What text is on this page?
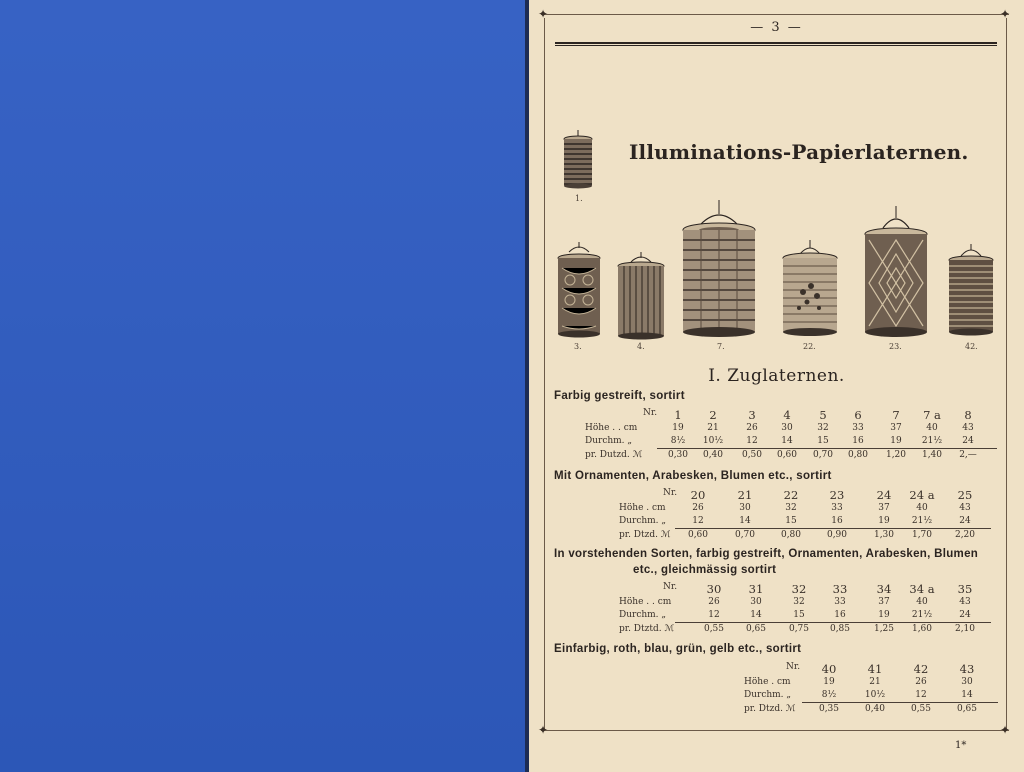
✦	✦
✦	✦
— 3 —
Illuminations-Papierlaternen.
1.
3.	4.	7.	22.	23.	42.
I. Zuglaternen.
Farbig gestreift, sortirt
Nr.	1	2	3	4	5	6	7	7 a	8
Höhe . . cm	19	21	26	30	32	33	37	40	43
Durchm. „	8½	10½	12	14	15	16	19	21½	24
pr. Dutzd. ℳ	0,30	0,40	0,50	0,60	0,70	0,80	1,20	1,40	2,—
Mit Ornamenten, Arabesken, Blumen etc., sortirt
Nr.	20	21	22	23	24	24 a	25
Höhe . cm	26	30	32	33	37	40	43
Durchm. „	12	14	15	16	19	21½	24
pr. Dtzd. ℳ	0,60	0,70	0,80	0,90	1,30	1,70	2,20
In vorstehenden Sorten, farbig gestreift, Ornamenten, Arabesken, Blumen
etc., gleichmässig sortirt
Nr.	30	31	32	33	34	34 a	35
Höhe . . cm	26	30	32	33	37	40	43
Durchm. „	12	14	15	16	19	21½	24
pr. Dtztd. ℳ	0,55	0,65	0,75	0,85	1,25	1,60	2,10
Einfarbig, roth, blau, grün, gelb etc., sortirt
Nr.	40	41	42	43
Höhe . cm	19	21	26	30
Durchm. „	8½	10½	12	14
pr. Dtzd. ℳ	0,35	0,40	0,55	0,65
1*
